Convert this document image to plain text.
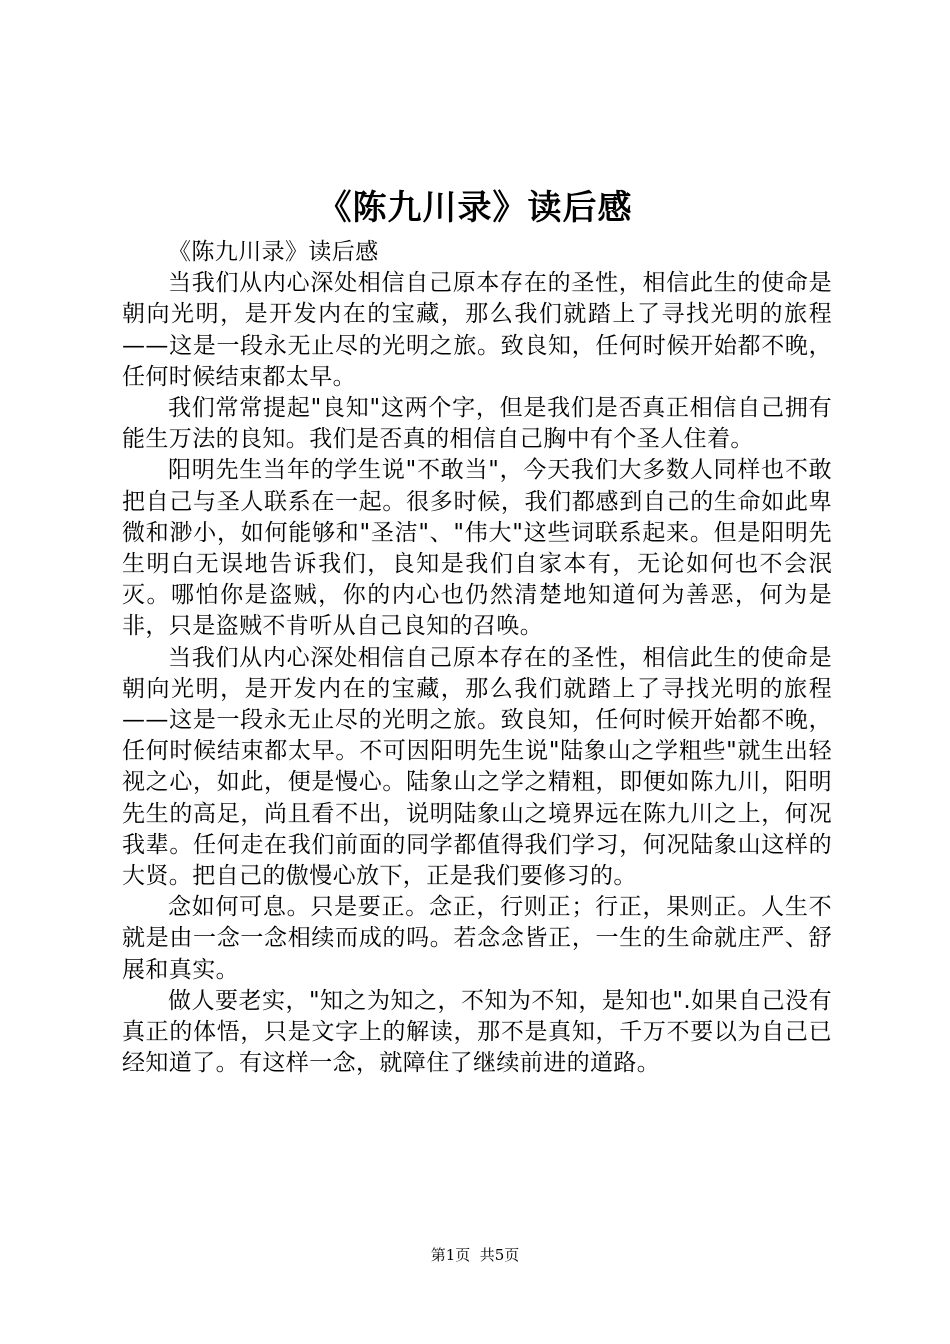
《陈九川录》读后感

《陈九川录》读后感

当我们从内心深处相信自己原本存在的圣性，相信此生的使命是朝向光明，是开发内在的宝藏，那么我们就踏上了寻找光明的旅程——这是一段永无止尽的光明之旅。致良知，任何时候开始都不晚，任何时候结束都太早。

我们常常提起"良知"这两个字，但是我们是否真正相信自己拥有能生万法的良知。我们是否真的相信自己胸中有个圣人住着。

阳明先生当年的学生说"不敢当"，今天我们大多数人同样也不敢把自己与圣人联系在一起。很多时候，我们都感到自己的生命如此卑微和渺小，如何能够和"圣洁"、"伟大"这些词联系起来。但是阳明先生明白无误地告诉我们，良知是我们自家本有，无论如何也不会泯灭。哪怕你是盗贼，你的内心也仍然清楚地知道何为善恶，何为是非，只是盗贼不肯听从自己良知的召唤。

当我们从内心深处相信自己原本存在的圣性，相信此生的使命是朝向光明，是开发内在的宝藏，那么我们就踏上了寻找光明的旅程——这是一段永无止尽的光明之旅。致良知，任何时候开始都不晚，任何时候结束都太早。不可因阳明先生说"陆象山之学粗些"就生出轻视之心，如此，便是慢心。陆象山之学之精粗，即便如陈九川，阳明先生的高足，尚且看不出，说明陆象山之境界远在陈九川之上，何况我辈。任何走在我们前面的同学都值得我们学习，何况陆象山这样的大贤。把自己的傲慢心放下，正是我们要修习的。

念如何可息。只是要正。念正，行则正；行正，果则正。人生不就是由一念一念相续而成的吗。若念念皆正，一生的生命就庄严、舒展和真实。

做人要老实，"知之为知之，不知为不知，是知也".如果自己没有真正的体悟，只是文字上的解读，那不是真知，千万不要以为自己已经知道了。有这样一念，就障住了继续前进的道路。

第1页  共5页
